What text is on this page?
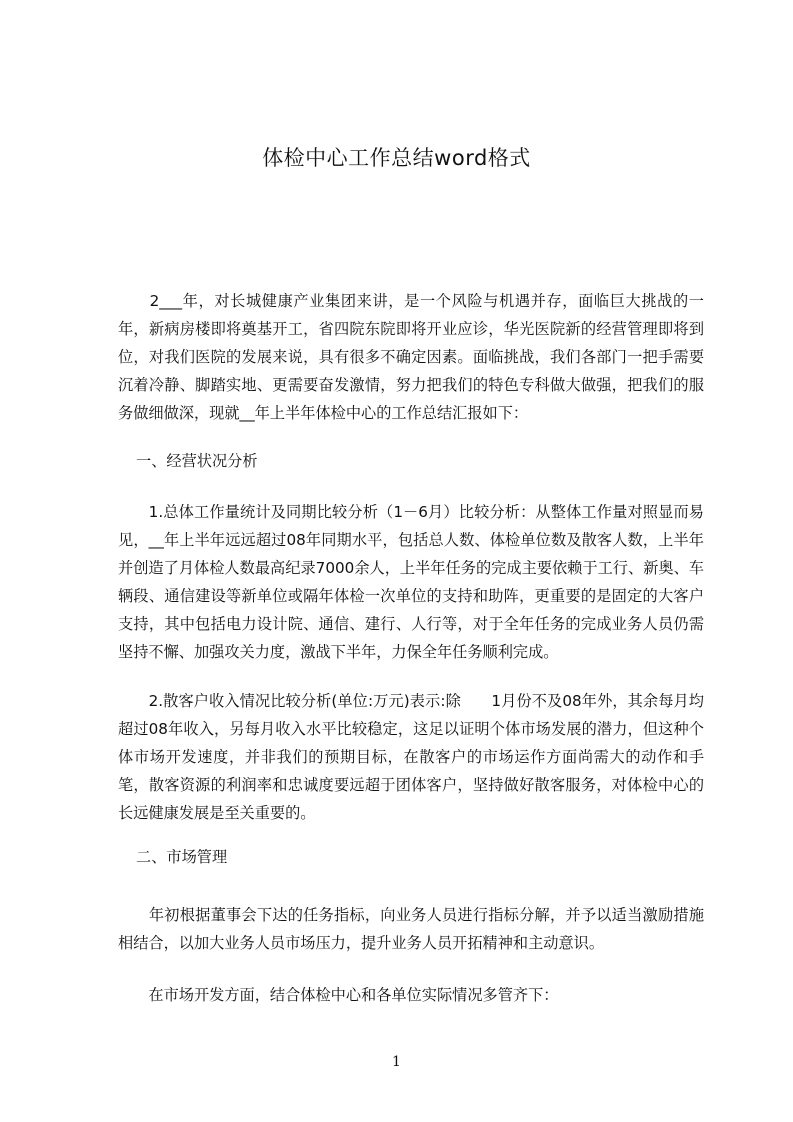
体检中心工作总结word格式

　　2___年，对长城健康产业集团来讲，是一个风险与机遇并存，面临巨大挑战的一年，新病房楼即将奠基开工，省四院东院即将开业应诊，华光医院新的经营管理即将到位，对我们医院的发展来说，具有很多不确定因素。面临挑战，我们各部门一把手需要沉着冷静、脚踏实地、更需要奋发激情，努力把我们的特色专科做大做强，把我们的服务做细做深，现就__年上半年体检中心的工作总结汇报如下：

一、经营状况分析

　　1.总体工作量统计及同期比较分析（1－6月）比较分析：从整体工作量对照显而易见，__年上半年远远超过08年同期水平，包括总人数、体检单位数及散客人数，上半年并创造了月体检人数最高纪录7000余人，上半年任务的完成主要依赖于工行、新奥、车辆段、通信建设等新单位或隔年体检一次单位的支持和助阵，更重要的是固定的大客户支持，其中包括电力设计院、通信、建行、人行等，对于全年任务的完成业务人员仍需坚持不懈、加强攻关力度，激战下半年，力保全年任务顺利完成。

　　2.散客户收入情况比较分析(单位:万元)表示:除　　1月份不及08年外，其余每月均超过08年收入，另每月收入水平比较稳定，这足以证明个体市场发展的潜力，但这种个体市场开发速度，并非我们的预期目标，在散客户的市场运作方面尚需大的动作和手笔，散客资源的利润率和忠诚度要远超于团体客户，坚持做好散客服务，对体检中心的长远健康发展是至关重要的。

二、市场管理

　　年初根据董事会下达的任务指标，向业务人员进行指标分解，并予以适当激励措施相结合，以加大业务人员市场压力，提升业务人员开拓精神和主动意识。

　　在市场开发方面，结合体检中心和各单位实际情况多管齐下：

1
